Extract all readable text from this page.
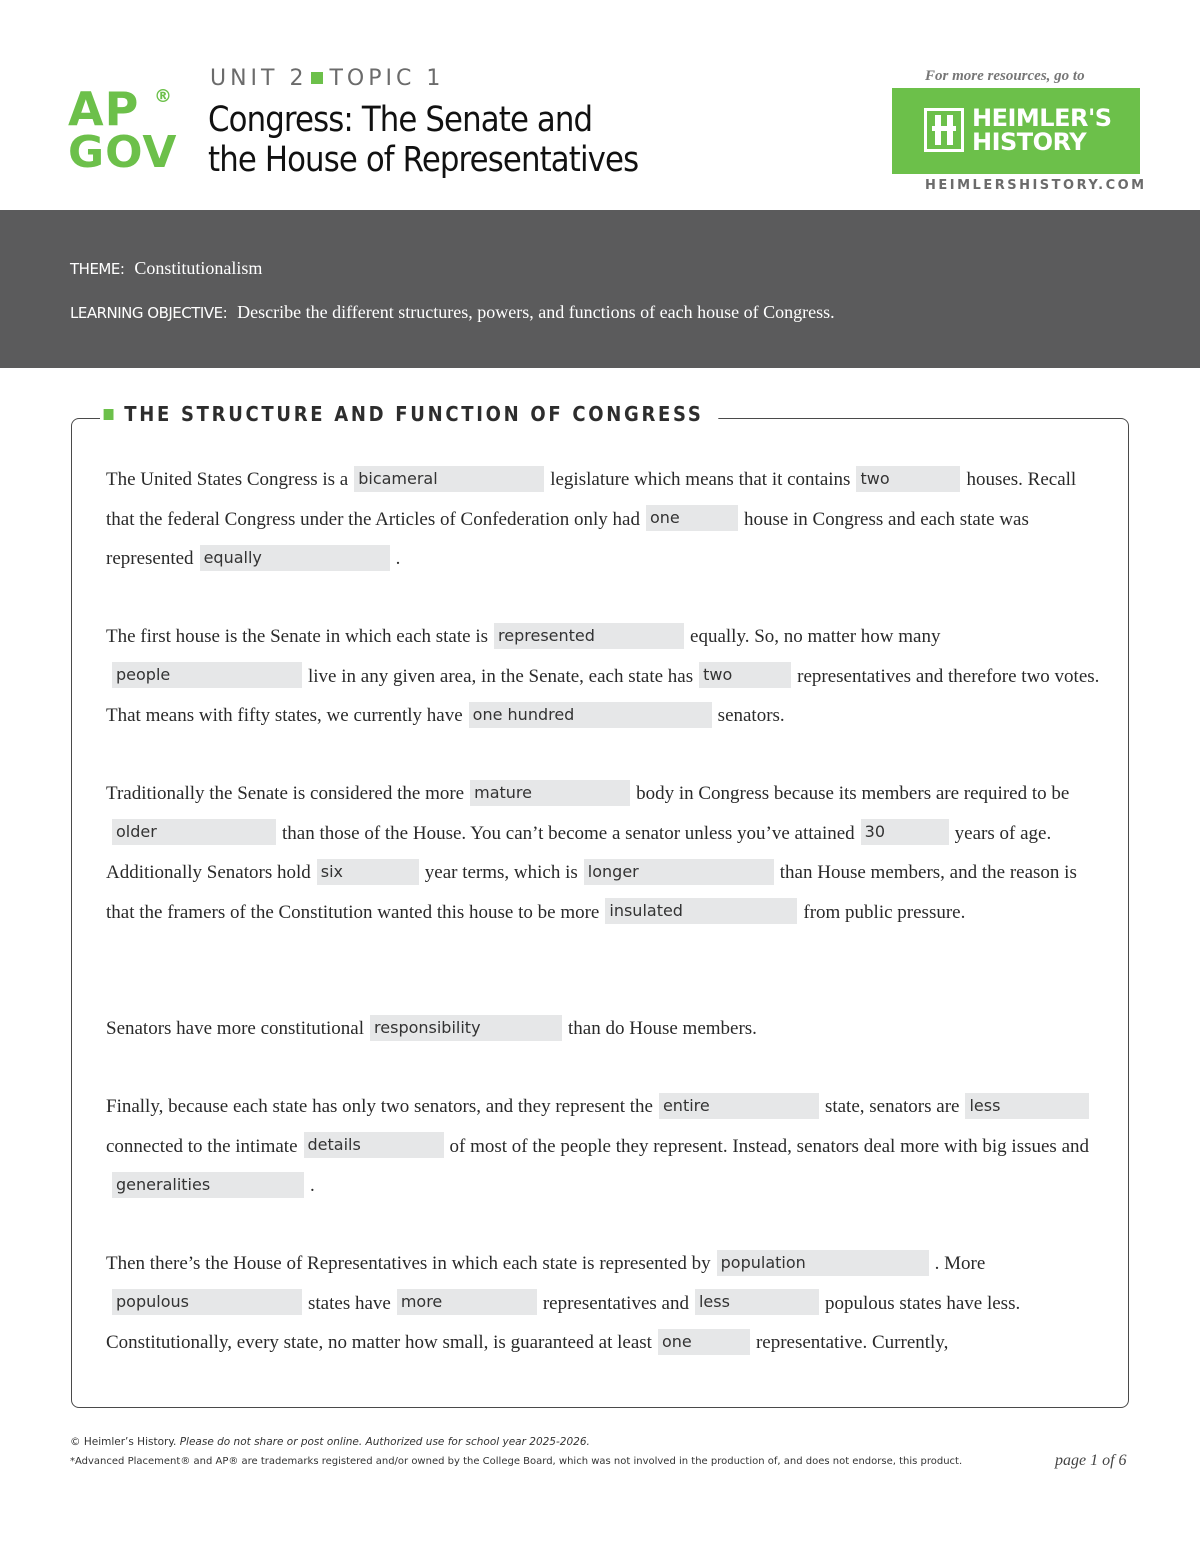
AP ®
GOV
UNIT 2 TOPIC 1
Congress: The Senate and
the House of Representatives
For more resources, go to
HEIMLER'S
HISTORY
HEIMLERSHISTORY.COM
THEME: Constitutionalism
LEARNING OBJECTIVE: Describe the different structures, powers, and functions of each house of Congress.
THE STRUCTURE AND FUNCTION OF CONGRESS
The United States Congress is a bicameral	legislature which means that it contains two	houses. Recall that the federal Congress under the Articles of Confederation only had one	house in Congress and each state was represented equally	.
The first house is the Senate in which each state is represented	equally. So, no matter how manypeople	live in any given area, in the Senate, each state has two	representatives and therefore two votes. That means with fifty states, we currently have one hundred	senators.
Traditionally the Senate is considered the more mature	body in Congress because its members are required to beolder	than those of the House. You can’t become a senator unless you’ve attained 30	years of age. Additionally Senators hold six	year terms, which is longer	than House members, and the reason is that the framers of the Constitution wanted this house to be more insulated	from public pressure.
Senators have more constitutional responsibility	than do House members.
Finally, because each state has only two senators, and they represent the entire	state, senators are lessconnected to the intimate details	of most of the people they represent. Instead, senators deal more with big issues andgeneralities	.
Then there’s the House of Representatives in which each state is represented by population	. Morepopulous	states have more	representatives and less	populous states have less. Constitutionally, every state, no matter how small, is guaranteed at least one	representative. Currently,
© Heimler’s History. Please do not share or post online. Authorized use for school year 2025-2026.
*Advanced Placement® and AP® are trademarks registered and/or owned by the College Board, which was not involved in the production of, and does not endorse, this product.	page 1 of 6
